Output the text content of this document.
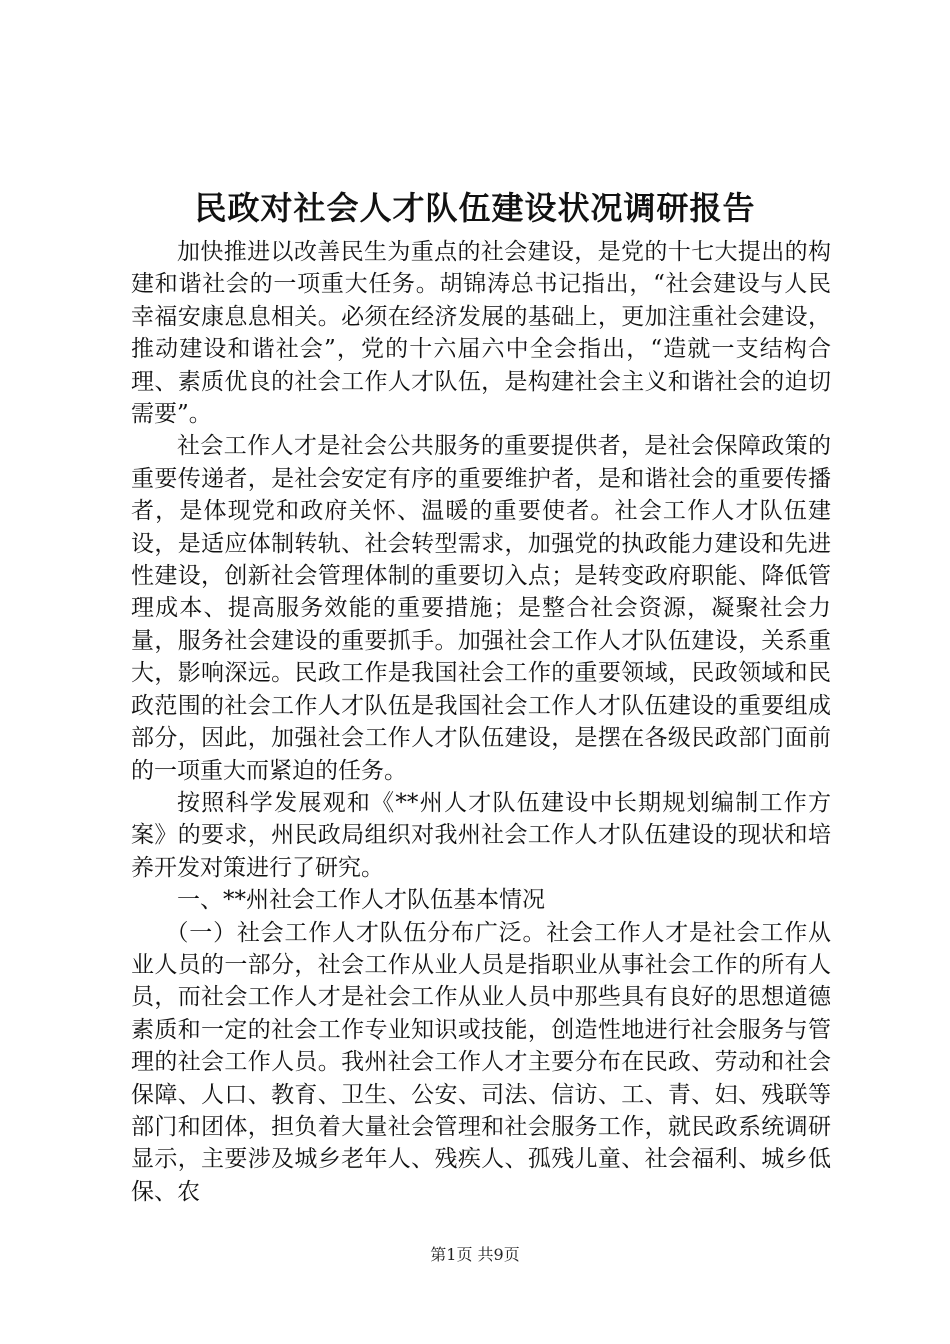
民政对社会人才队伍建设状况调研报告

加快推进以改善民生为重点的社会建设，是党的十七大提出的构建和谐社会的一项重大任务。胡锦涛总书记指出，“社会建设与人民幸福安康息息相关。必须在经济发展的基础上，更加注重社会建设，推动建设和谐社会”，党的十六届六中全会指出，“造就一支结构合理、素质优良的社会工作人才队伍，是构建社会主义和谐社会的迫切需要”。

社会工作人才是社会公共服务的重要提供者，是社会保障政策的重要传递者，是社会安定有序的重要维护者，是和谐社会的重要传播者，是体现党和政府关怀、温暖的重要使者。社会工作人才队伍建设，是适应体制转轨、社会转型需求，加强党的执政能力建设和先进性建设，创新社会管理体制的重要切入点；是转变政府职能、降低管理成本、提高服务效能的重要措施；是整合社会资源，凝聚社会力量，服务社会建设的重要抓手。加强社会工作人才队伍建设，关系重大，影响深远。民政工作是我国社会工作的重要领域，民政领域和民政范围的社会工作人才队伍是我国社会工作人才队伍建设的重要组成部分，因此，加强社会工作人才队伍建设，是摆在各级民政部门面前的一项重大而紧迫的任务。

按照科学发展观和《**州人才队伍建设中长期规划编制工作方案》的要求，州民政局组织对我州社会工作人才队伍建设的现状和培养开发对策进行了研究。

一、**州社会工作人才队伍基本情况

（一）社会工作人才队伍分布广泛。社会工作人才是社会工作从业人员的一部分，社会工作从业人员是指职业从事社会工作的所有人员，而社会工作人才是社会工作从业人员中那些具有良好的思想道德素质和一定的社会工作专业知识或技能，创造性地进行社会服务与管理的社会工作人员。我州社会工作人才主要分布在民政、劳动和社会保障、人口、教育、卫生、公安、司法、信访、工、青、妇、残联等部门和团体，担负着大量社会管理和社会服务工作，就民政系统调研显示，主要涉及城乡老年人、残疾人、孤残儿童、社会福利、城乡低保、农

第1页 共9页
